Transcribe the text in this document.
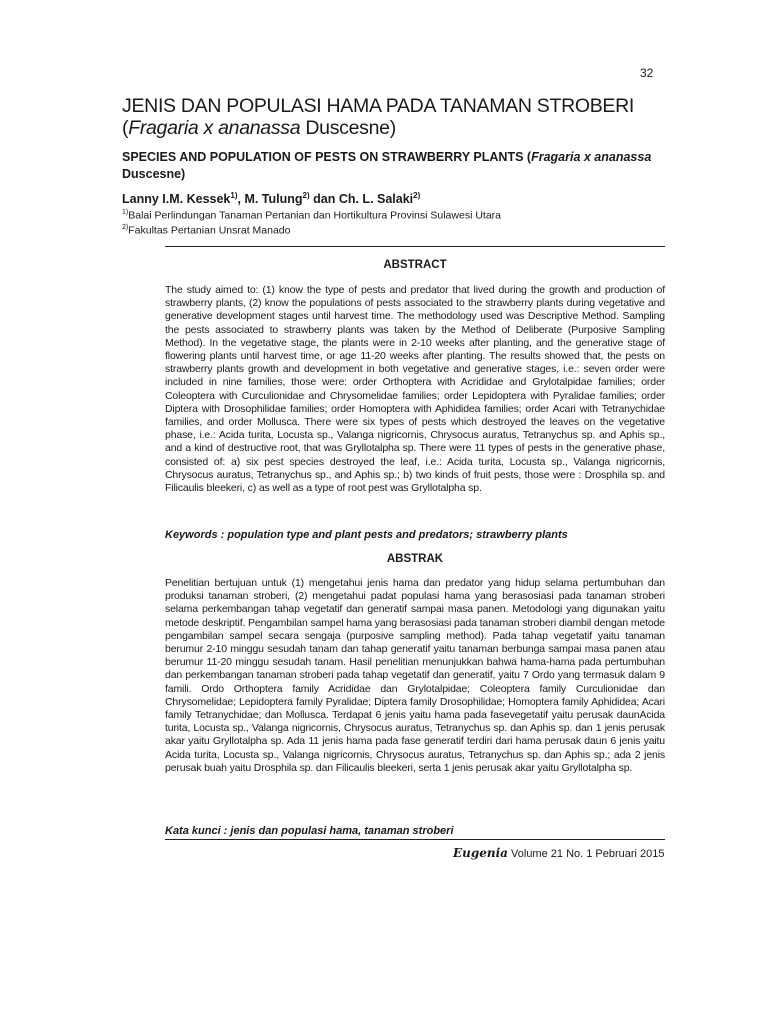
32
JENIS DAN POPULASI HAMA PADA TANAMAN STROBERI (Fragaria x ananassa Duscesne)
SPECIES AND POPULATION OF PESTS ON STRAWBERRY PLANTS (Fragaria x ananassa Duscesne)
Lanny I.M. Kessek$^{1)}$, M. Tulung$^{2)}$ dan Ch. L. Salaki$^{2)}$
$^{1)}$Balai Perlindungan Tanaman Pertanian dan Hortikultura Provinsi Sulawesi Utara
$^{2)}$Fakultas Pertanian Unsrat Manado
ABSTRACT
The study aimed to: (1) know the type of pests and predator that lived during the growth and production of strawberry plants, (2) know the populations of pests associated to the strawberry plants during vegetative and generative development stages until harvest time. The methodology used was Descriptive Method. Sampling the pests associated to strawberry plants was taken by the Method of Deliberate (Purposive Sampling Method). In the vegetative stage, the plants were in 2-10 weeks after planting, and the generative stage of flowering plants until harvest time, or age 11-20 weeks after planting. The results showed that, the pests on strawberry plants growth and development in both vegetative and generative stages, i.e.: seven order were included in nine families, those were: order Orthoptera with Acrididae and Grylotalpidae families; order Coleoptera with Curculionidae and Chrysomelidae families; order Lepidoptera with Pyralidae families; order Diptera with Drosophilidae families; order Homoptera with Aphididea families; order Acari with Tetranychidae families, and order Mollusca. There were six types of pests which destroyed the leaves on the vegetative phase, i.e.: Acida turita, Locusta sp., Valanga nigricornis, Chrysocus auratus, Tetranychus sp. and Aphis sp., and a kind of destructive root, that was Gryllotalpha sp. There were 11 types of pests in the generative phase, consisted of: a) six pest species destroyed the leaf, i.e.: Acida turita, Locusta sp., Valanga nigricornis, Chrysocus auratus, Tetranychus sp., and Aphis sp.; b) two kinds of fruit pests, those were : Drosphila sp. and Filicaulis bleekeri, c) as well as a type of root pest was Gryllotalpha sp.
Keywords : population type and plant pests and predators; strawberry plants
ABSTRAK
Penelitian bertujuan untuk (1) mengetahui jenis hama dan predator yang hidup selama pertumbuhan dan produksi tanaman stroberi, (2) mengetahui padat populasi hama yang berasosiasi pada tanaman stroberi selama perkembangan tahap vegetatif dan generatif sampai masa panen. Metodologi yang digunakan yaitu metode deskriptif. Pengambilan sampel hama yang berasosiasi pada tanaman stroberi diambil dengan metode pengambilan sampel secara sengaja (purposive sampling method). Pada tahap vegetatif yaitu tanaman berumur 2-10 minggu sesudah tanam dan tahap generatif yaitu tanaman berbunga sampai masa panen atau berumur 11-20 minggu sesudah tanam. Hasil penelitian menunjukkan bahwa hama-hama pada pertumbuhan dan perkembangan tanaman stroberi pada tahap vegetatif dan generatif, yaitu 7 Ordo yang termasuk dalam 9 famili. Ordo Orthoptera family Acrididae dan Grylotalpidae; Coleoptera family Curculionidae dan Chrysomelidae; Lepidoptera family Pyralidae; Diptera family Drosophilidae; Homoptera family Aphididea; Acari family Tetranychidae; dan Mollusca. Terdapat 6 jenis yaitu hama pada fasevegetatif yaitu perusak daunAcida turita, Locusta sp., Valanga nigricornis, Chrysocus auratus, Tetranychus sp. dan Aphis sp. dan 1 jenis perusak akar yaitu Gryllotalpha sp. Ada 11 jenis hama pada fase generatif terdiri dari hama perusak daun 6 jenis yaitu Acida turita, Locusta sp., Valanga nigricornis, Chrysocus auratus, Tetranychus sp. dan Aphis sp.; ada 2 jenis perusak buah yaitu Drosphila sp. dan Filicaulis bleekeri, serta 1 jenis perusak akar yaitu Gryllotalpha sp.
Kata kunci : jenis dan populasi hama, tanaman stroberi
Eugenia Volume 21 No. 1 Pebruari 2015
